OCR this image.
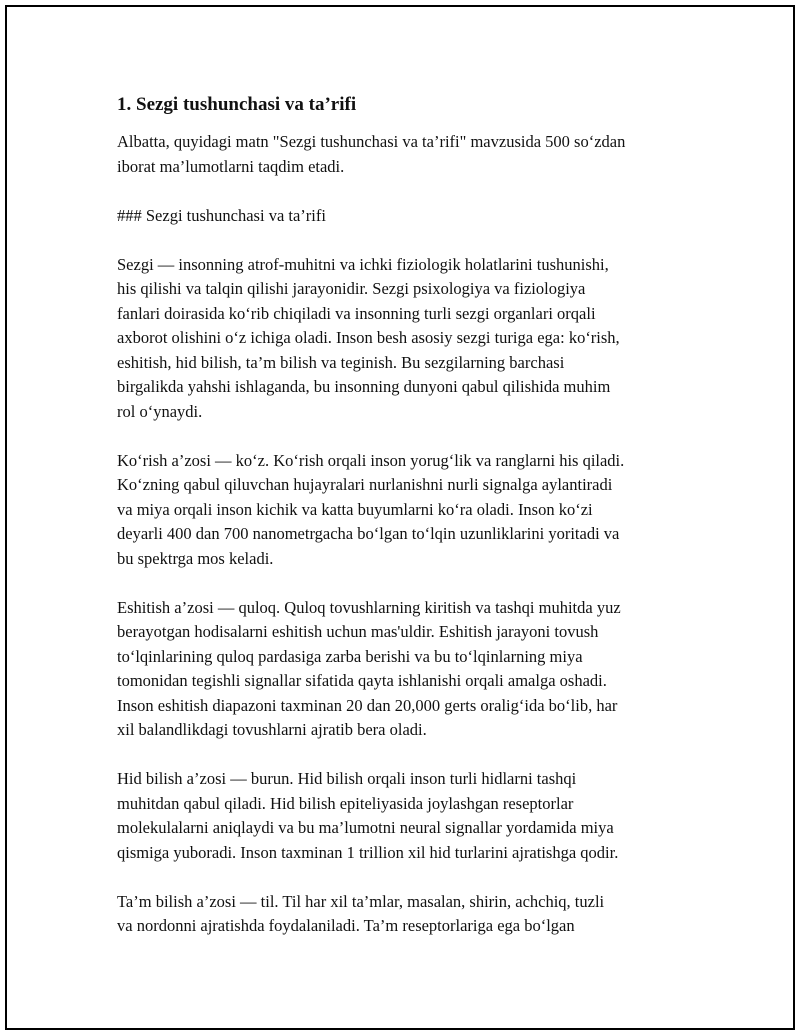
1. Sezgi tushunchasi va ta’rifi

Albatta, quyidagi matn "Sezgi tushunchasi va ta’rifi" mavzusida 500 so‘zdan
iborat ma’lumotlarni taqdim etadi.

### Sezgi tushunchasi va ta’rifi

Sezgi — insonning atrof-muhitni va ichki fiziologik holatlarini tushunishi,
his qilishi va talqin qilishi jarayonidir. Sezgi psixologiya va fiziologiya
fanlari doirasida ko‘rib chiqiladi va insonning turli sezgi organlari orqali
axborot olishini o‘z ichiga oladi. Inson besh asosiy sezgi turiga ega: ko‘rish,
eshitish, hid bilish, ta’m bilish va teginish. Bu sezgilarning barchasi
birgalikda yahshi ishlaganda, bu insonning dunyoni qabul qilishida muhim
rol o‘ynaydi.

Ko‘rish a’zosi — ko‘z. Ko‘rish orqali inson yorug‘lik va ranglarni his qiladi.
Ko‘zning qabul qiluvchan hujayralari nurlanishni nurli signalga aylantiradi
va miya orqali inson kichik va katta buyumlarni ko‘ra oladi. Inson ko‘zi
deyarli 400 dan 700 nanometrgacha bo‘lgan to‘lqin uzunliklarini yoritadi va
bu spektrga mos keladi.

Eshitish a’zosi — quloq. Quloq tovushlarning kiritish va tashqi muhitda yuz
berayotgan hodisalarni eshitish uchun mas'uldir. Eshitish jarayoni tovush
to‘lqinlarining quloq pardasiga zarba berishi va bu to‘lqinlarning miya
tomonidan tegishli signallar sifatida qayta ishlanishi orqali amalga oshadi.
Inson eshitish diapazoni taxminan 20 dan 20,000 gerts oralig‘ida bo‘lib, har
xil balandlikdagi tovushlarni ajratib bera oladi.

Hid bilish a’zosi — burun. Hid bilish orqali inson turli hidlarni tashqi
muhitdan qabul qiladi. Hid bilish epiteliyasida joylashgan reseptorlar
molekulalarni aniqlaydi va bu ma’lumotni neural signallar yordamida miya
qismiga yuboradi. Inson taxminan 1 trillion xil hid turlarini ajratishga qodir.

Ta’m bilish a’zosi — til. Til har xil ta’mlar, masalan, shirin, achchiq, tuzli
va nordonni ajratishda foydalaniladi. Ta’m reseptorlariga ega bo‘lgan
